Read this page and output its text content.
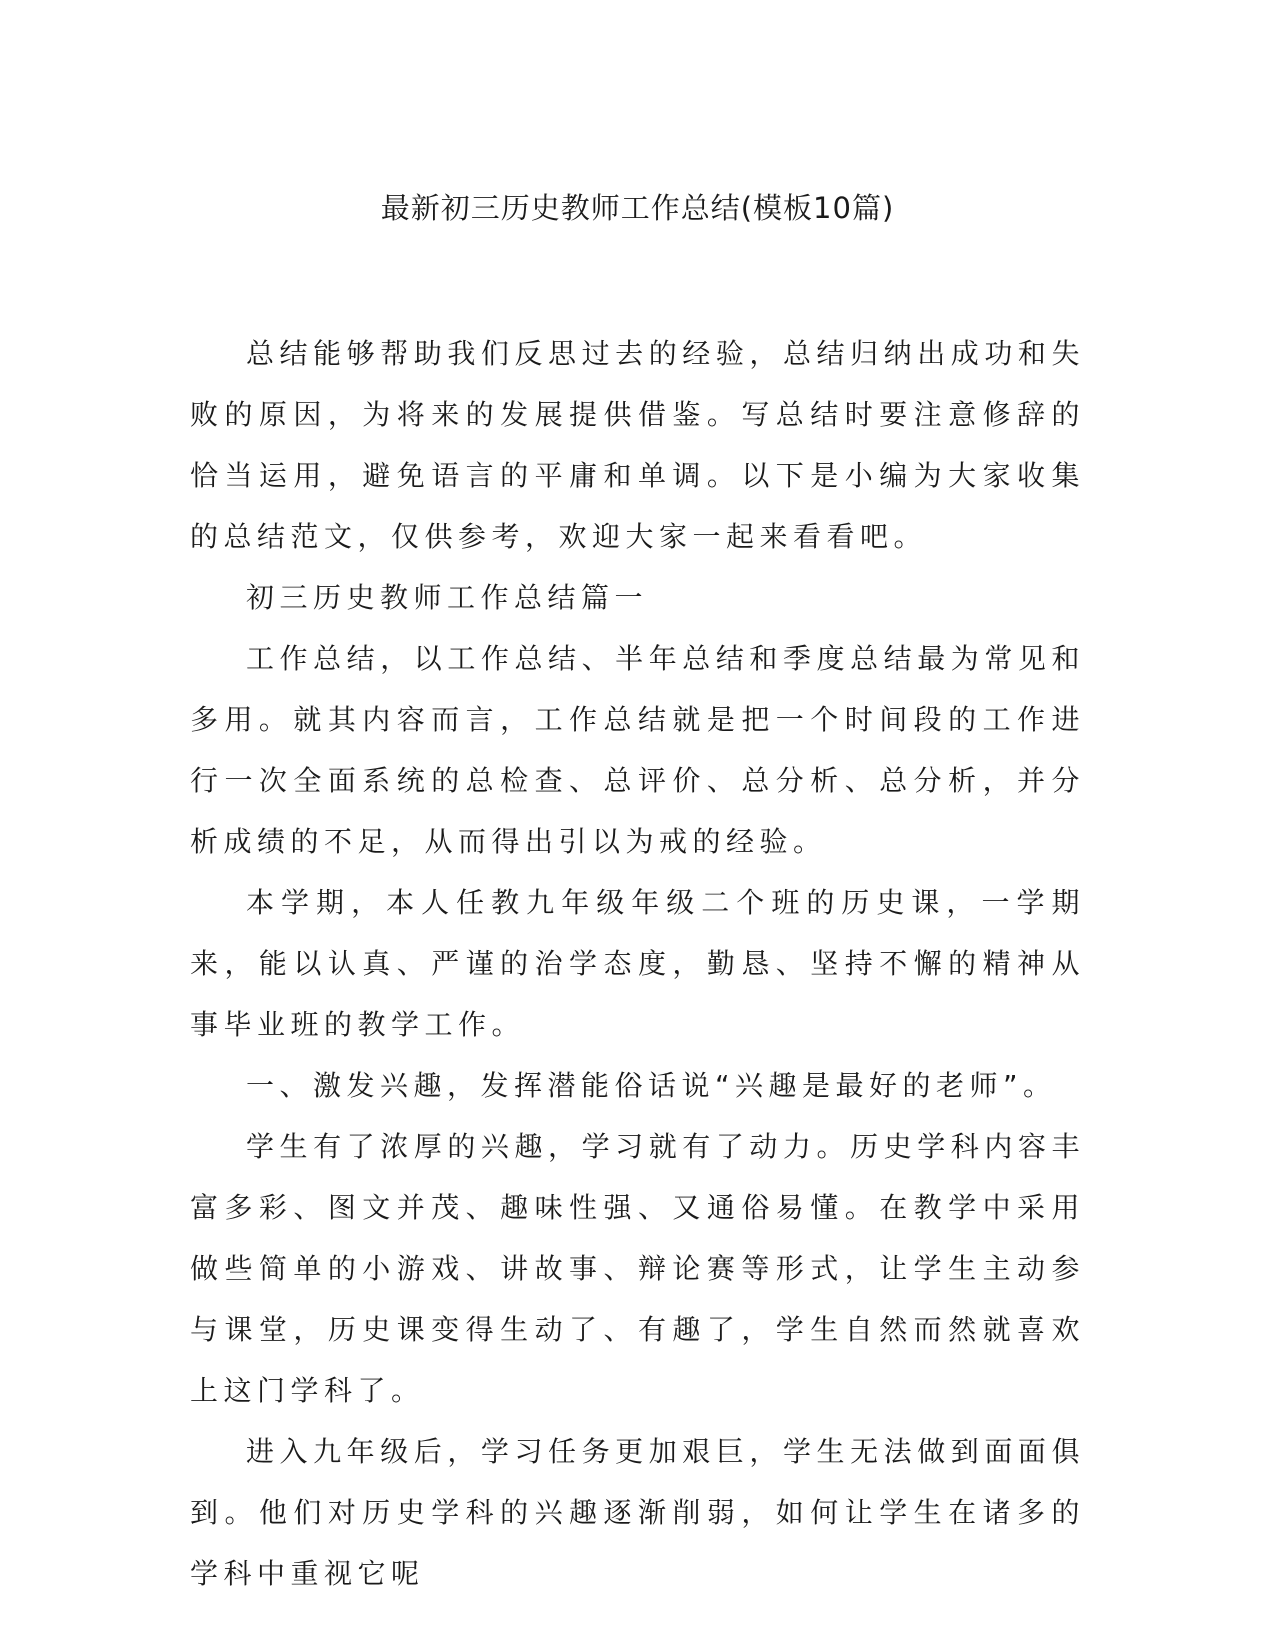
最新初三历史教师工作总结(模板10篇)

总结能够帮助我们反思过去的经验，总结归纳出成功和失败的原因，为将来的发展提供借鉴。写总结时要注意修辞的恰当运用，避免语言的平庸和单调。以下是小编为大家收集的总结范文，仅供参考，欢迎大家一起来看看吧。

初三历史教师工作总结篇一

工作总结，以工作总结、半年总结和季度总结最为常见和多用。就其内容而言，工作总结就是把一个时间段的工作进行一次全面系统的总检查、总评价、总分析、总分析，并分析成绩的不足，从而得出引以为戒的经验。

本学期，本人任教九年级年级二个班的历史课，一学期来，能以认真、严谨的治学态度，勤恳、坚持不懈的精神从事毕业班的教学工作。

一、激发兴趣，发挥潜能俗话说“兴趣是最好的老师”。

学生有了浓厚的兴趣，学习就有了动力。历史学科内容丰富多彩、图文并茂、趣味性强、又通俗易懂。在教学中采用做些简单的小游戏、讲故事、辩论赛等形式，让学生主动参与课堂，历史课变得生动了、有趣了，学生自然而然就喜欢上这门学科了。

进入九年级后，学习任务更加艰巨，学生无法做到面面俱到。他们对历史学科的兴趣逐渐削弱，如何让学生在诸多的学科中重视它呢
